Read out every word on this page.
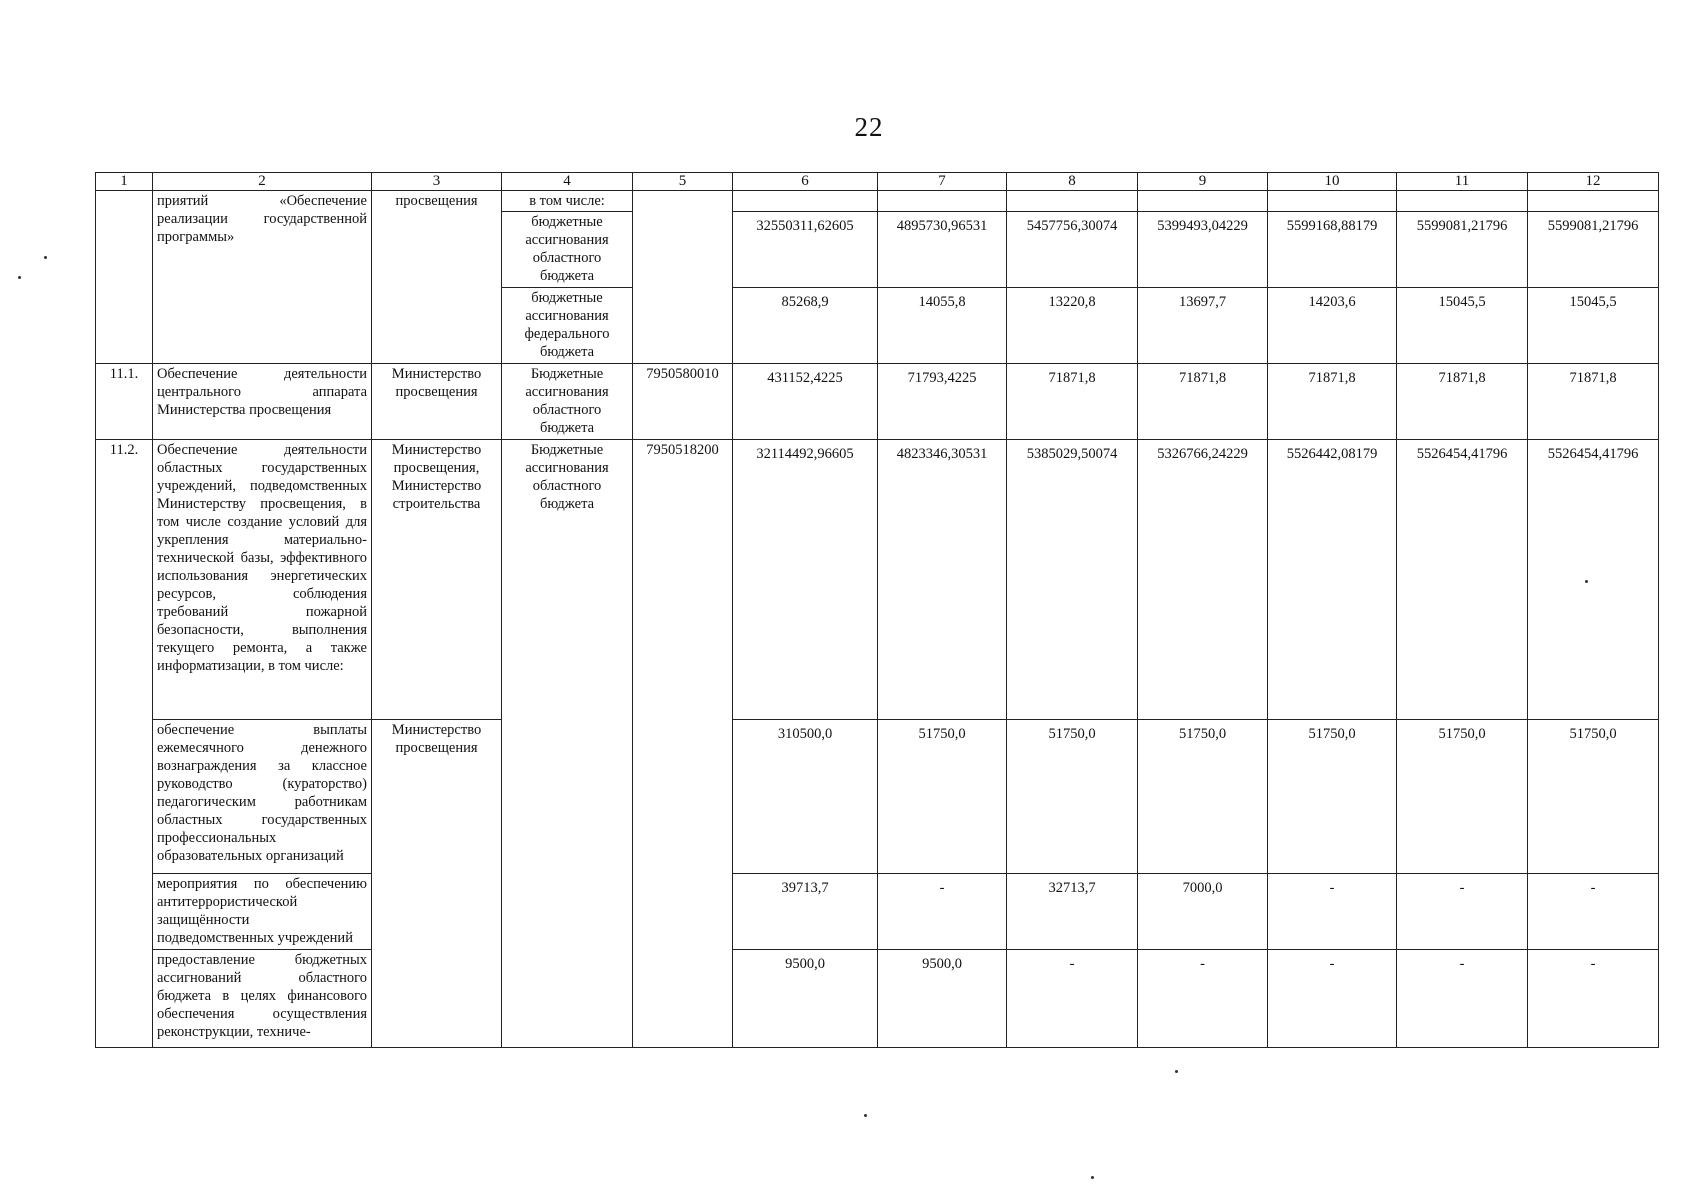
22
1	2	3	4	5	6	7	8	9	10	11	12
	приятий «Обеспечение реализации государственной программы»	просвещения	в том числе:								
			бюджетные ассигнования областного бюджета		32550311,62605	4895730,96531	5457756,30074	5399493,04229	5599168,88179	5599081,21796	5599081,21796
			бюджетные ассигнования федерального бюджета		85268,9	14055,8	13220,8	13697,7	14203,6	15045,5	15045,5
11.1.	Обеспечение деятельности центрального аппарата Министерства просвещения	Министерство просвещения	Бюджетные ассигнования областного бюджета	7950580010	431152,4225	71793,4225	71871,8	71871,8	71871,8	71871,8	71871,8
11.2.	Обеспечение деятельности областных государственных учреждений, подведомственных Министерству просвещения, в том числе создание условий для укрепления материально-технической базы, эффективного использования энергетических ресурсов, соблюдения требований пожарной безопасности, выполнения текущего ремонта, а также информатизации, в том числе:	Министерство просвещения, Министерство строительства	Бюджетные ассигнования областного бюджета	7950518200	32114492,96605	4823346,30531	5385029,50074	5326766,24229	5526442,08179	5526454,41796	5526454,41796
	обеспечение выплаты ежемесячного денежного вознаграждения за классное руководство (кураторство) педагогическим работникам областных государственных профессиональных образовательных организаций	Министерство просвещения			310500,0	51750,0	51750,0	51750,0	51750,0	51750,0	51750,0
	мероприятия по обеспечению антитеррористической защищённости подведомственных учреждений				39713,7	-	32713,7	7000,0	-	-	-
	предоставление бюджетных ассигнований областного бюджета в целях финансового обеспечения осуществления реконструкции, техниче-				9500,0	9500,0	-	-	-	-	-
